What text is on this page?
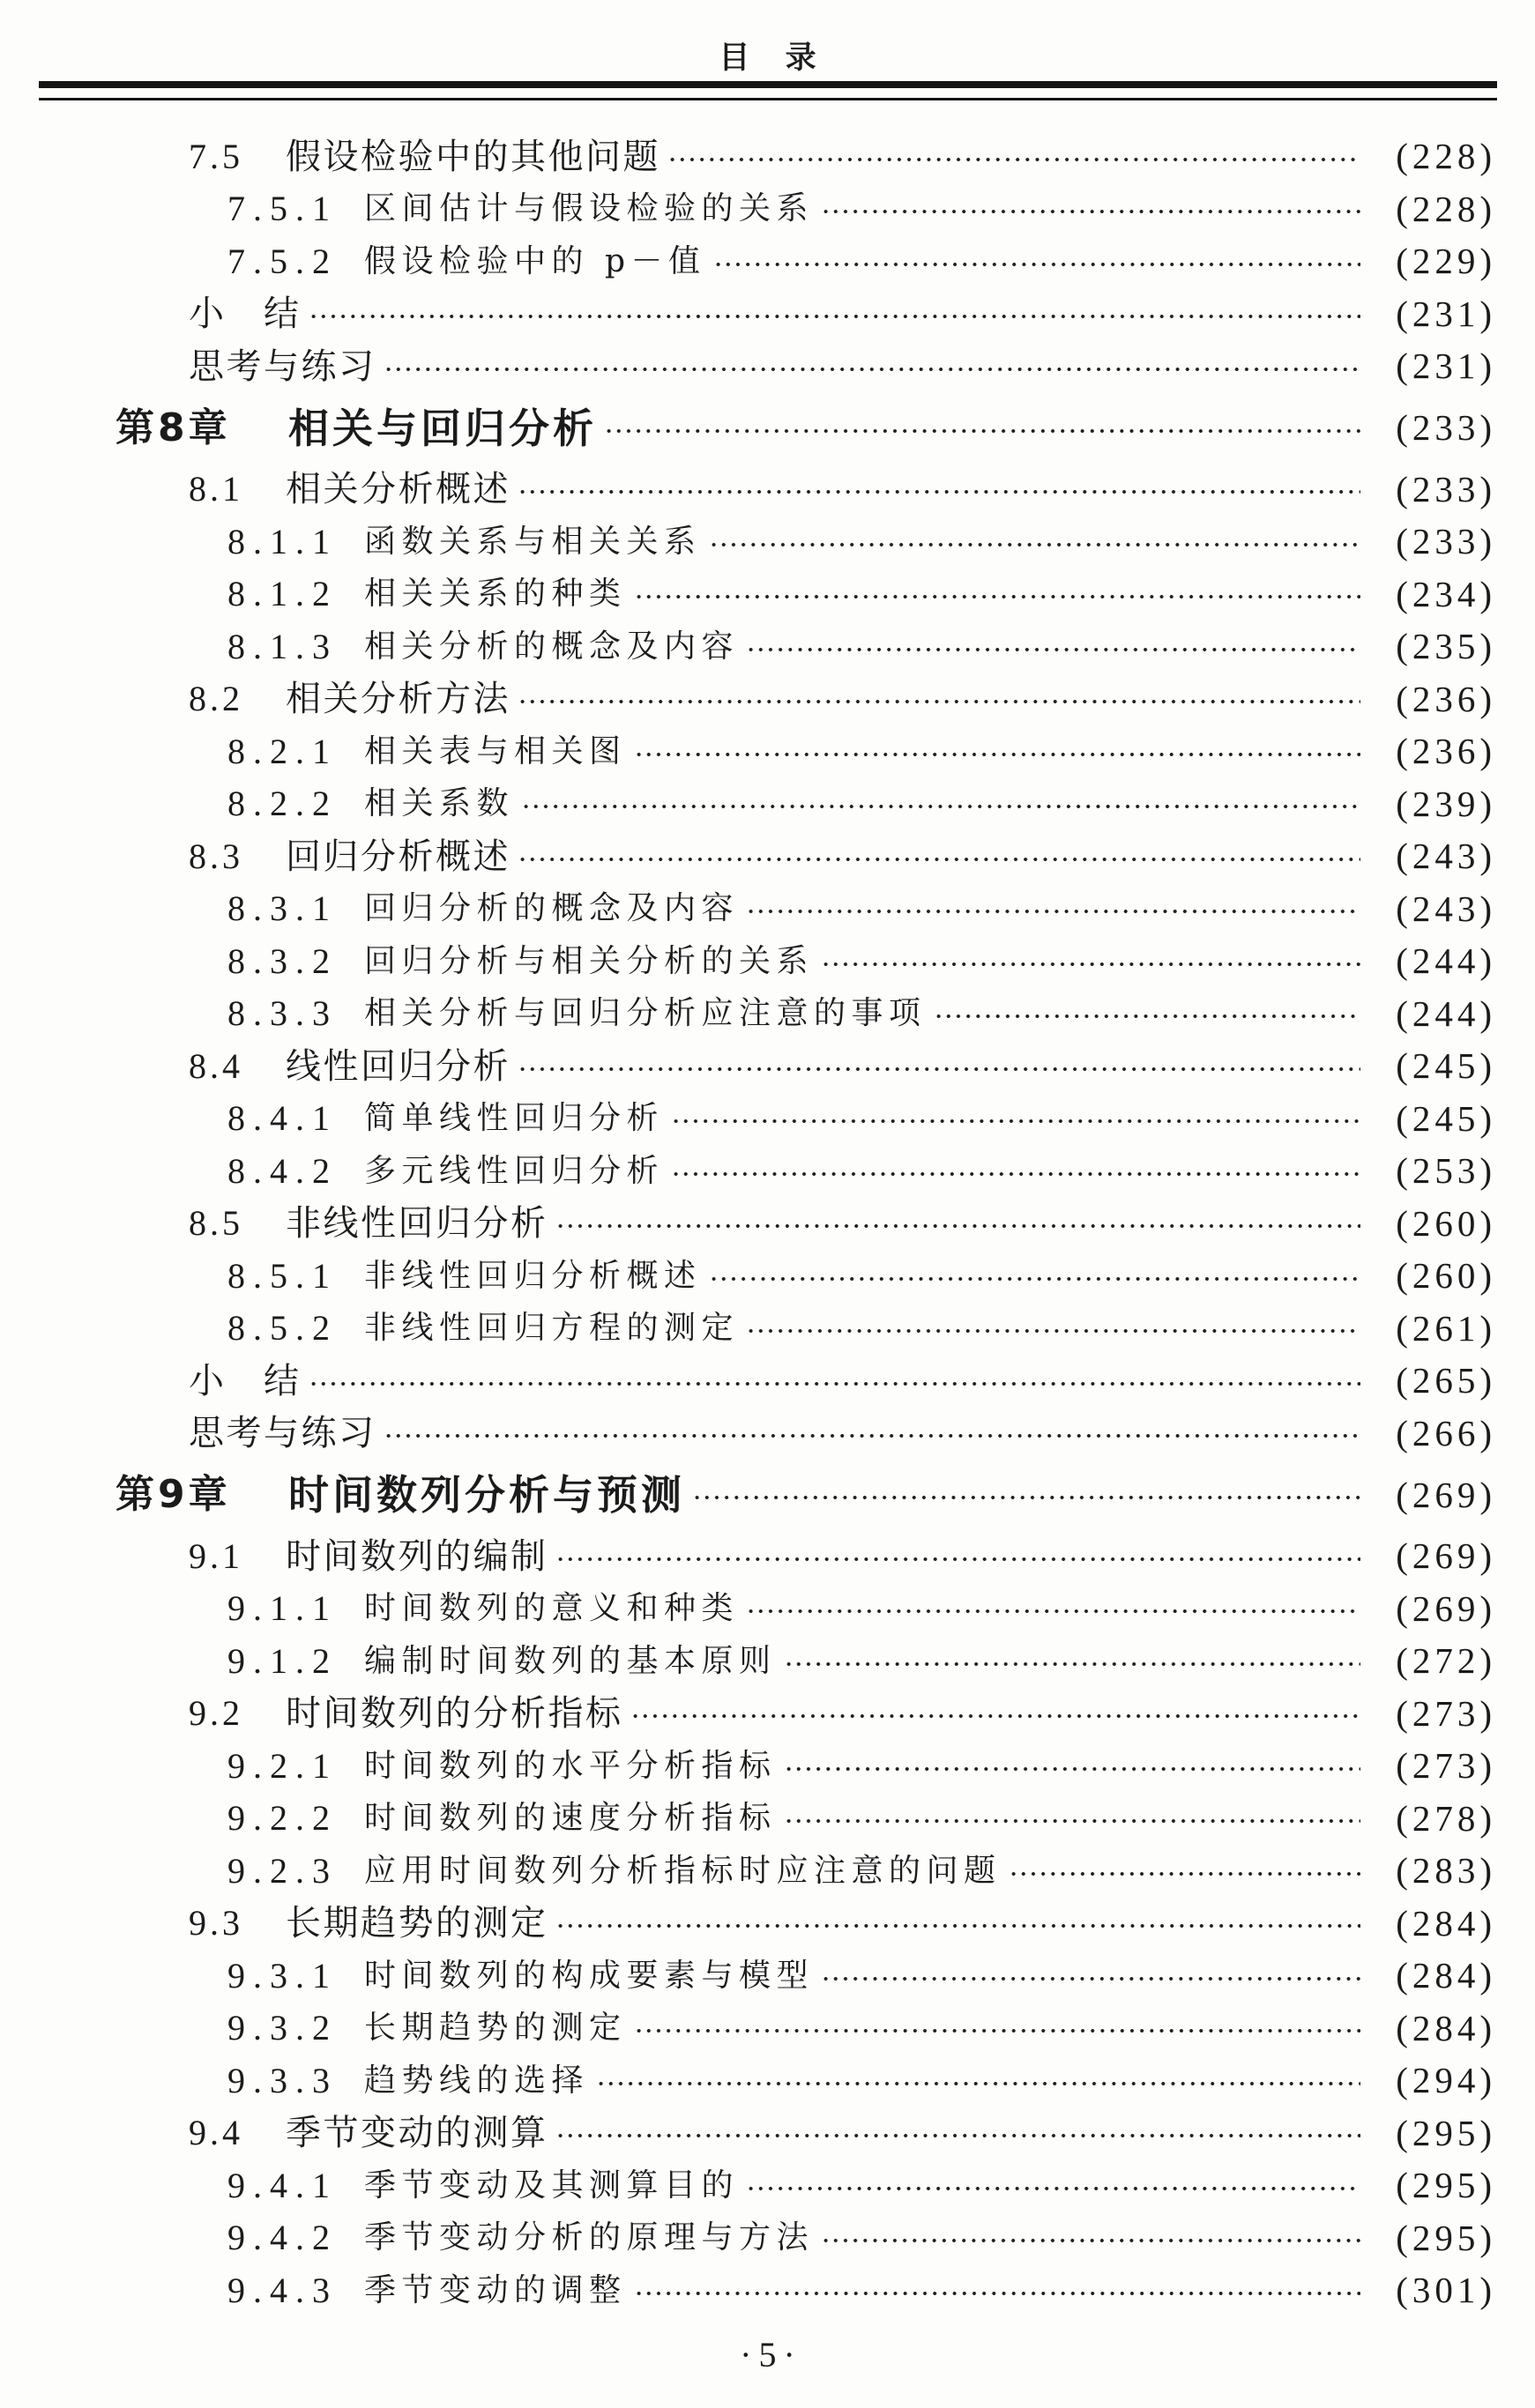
目 录
7.5	假设检验中的其他问题	(228)
7.5.1 区间估计与假设检验的关系	(228)
7.5.2 假设检验中的 p－值	(229)
小　结	(231)
思考与练习	(231)
第8章	相关与回归分析	(233)
8.1	相关分析概述	(233)
8.1.1 函数关系与相关关系	(233)
8.1.2 相关关系的种类	(234)
8.1.3 相关分析的概念及内容	(235)
8.2	相关分析方法	(236)
8.2.1 相关表与相关图	(236)
8.2.2 相关系数	(239)
8.3	回归分析概述	(243)
8.3.1 回归分析的概念及内容	(243)
8.3.2 回归分析与相关分析的关系	(244)
8.3.3 相关分析与回归分析应注意的事项	(244)
8.4	线性回归分析	(245)
8.4.1 简单线性回归分析	(245)
8.4.2 多元线性回归分析	(253)
8.5	非线性回归分析	(260)
8.5.1 非线性回归分析概述	(260)
8.5.2 非线性回归方程的测定	(261)
小　结	(265)
思考与练习	(266)
第9章	时间数列分析与预测	(269)
9.1	时间数列的编制	(269)
9.1.1 时间数列的意义和种类	(269)
9.1.2 编制时间数列的基本原则	(272)
9.2	时间数列的分析指标	(273)
9.2.1 时间数列的水平分析指标	(273)
9.2.2 时间数列的速度分析指标	(278)
9.2.3 应用时间数列分析指标时应注意的问题	(283)
9.3	长期趋势的测定	(284)
9.3.1 时间数列的构成要素与模型	(284)
9.3.2 长期趋势的测定	(284)
9.3.3 趋势线的选择	(294)
9.4	季节变动的测算	(295)
9.4.1 季节变动及其测算目的	(295)
9.4.2 季节变动分析的原理与方法	(295)
9.4.3 季节变动的调整	(301)
·5·
